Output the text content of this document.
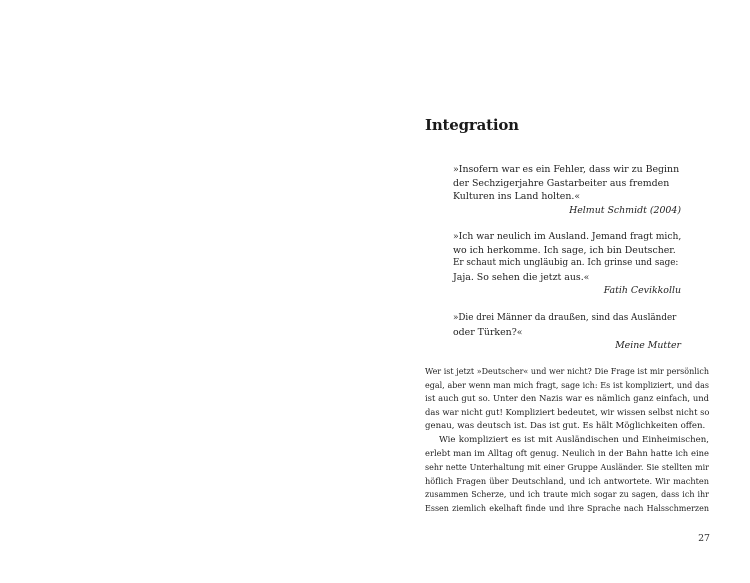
Integration
»Insofern war es ein Fehler, dass wir zu Beginn
der Sechzigerjahre Gastarbeiter aus fremden
Kulturen ins Land holten.«
Helmut Schmidt (2004)
»Ich war neulich im Ausland. Jemand fragt mich,
wo ich herkomme. Ich sage, ich bin Deutscher.
Er schaut mich ungläubig an. Ich grinse und sage:
Jaja. So sehen die jetzt aus.«
Fatih Cevikkollu
»Die drei Männer da draußen, sind das Ausländer
oder Türken?«
Meine Mutter
Wer ist jetzt »Deutscher« und wer nicht? Die Frage ist mir persönlich
egal, aber wenn man mich fragt, sage ich: Es ist kompliziert, und das
ist auch gut so. Unter den Nazis war es nämlich ganz einfach, und
das war nicht gut! Kompliziert bedeutet, wir wissen selbst nicht so
genau, was deutsch ist. Das ist gut. Es hält Möglichkeiten offen.
Wie kompliziert es ist mit Ausländischen und Einheimischen,
erlebt man im Alltag oft genug. Neulich in der Bahn hatte ich eine
sehr nette Unterhaltung mit einer Gruppe Ausländer. Sie stellten mir
höflich Fragen über Deutschland, und ich antwortete. Wir machten
zusammen Scherze, und ich traute mich sogar zu sagen, dass ich ihr
Essen ziemlich ekelhaft finde und ihre Sprache nach Halsschmerzen
27
